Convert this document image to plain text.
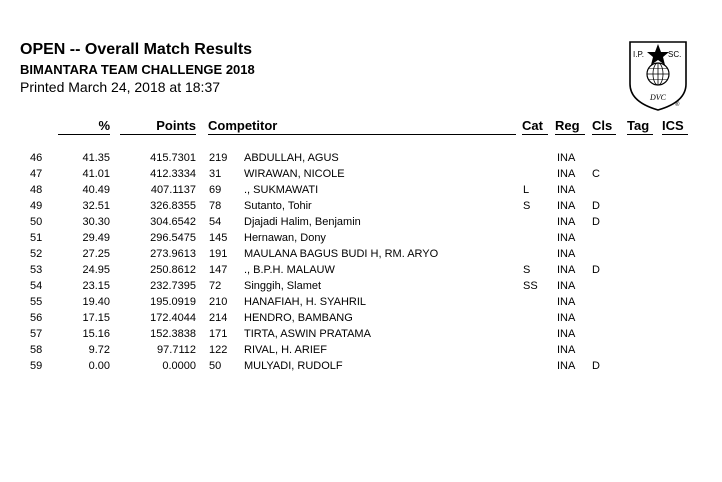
OPEN -- Overall Match Results
BIMANTARA TEAM CHALLENGE 2018
Printed March 24, 2018 at 18:37
I.P.	SC.
DVC
®
%	Points Competitor	Cat Reg Cls Tag ICS
46	41.35	415.7301 219 ABDULLAH, AGUS	INA
47	41.01	412.3334 31 WIRAWAN, NICOLE	INA C
48	40.49	407.1137 69 ., SUKMAWATI	L	INA
49	32.51	326.8355 78 Sutanto, Tohir	S INA D
50	30.30	304.6542 54 Djajadi Halim, Benjamin	INA D
51	29.49	296.5475 145 Hernawan, Dony	INA
52	27.25	273.9613 191 MAULANA BAGUS BUDI H, RM. ARYO	INA
53	24.95	250.8612 147 ., B.P.H. MALAUW	S INA D
54	23.15	232.7395 72 Singgih, Slamet	SS INA
55	19.40	195.0919 210 HANAFIAH, H. SYAHRIL	INA
56	17.15	172.4044 214 HENDRO, BAMBANG	INA
57	15.16	152.3838 171 TIRTA, ASWIN PRATAMA	INA
58	9.72	97.7112 122 RIVAL, H. ARIEF	INA
59	0.00	0.0000 50 MULYADI, RUDOLF	INA D
